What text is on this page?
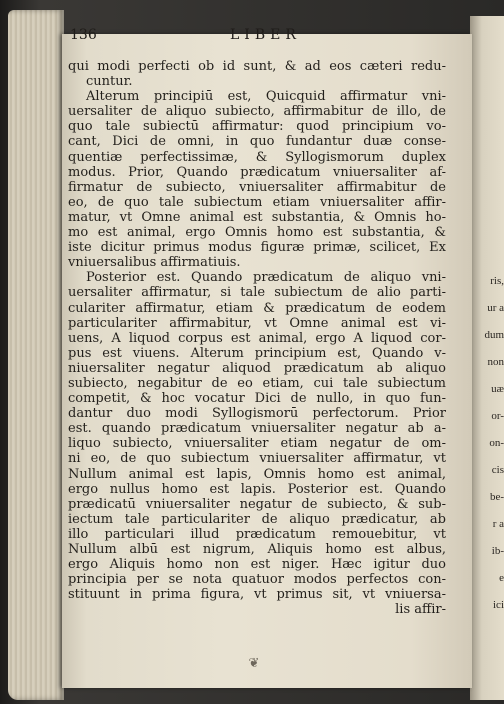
ris,
ur a
dum
non
uæ
or-
on-
cis
be-
r a
ib-
e
ici
136	LIBER
qui modi perfecti ob id sunt, & ad eos cæteri redu-
cuntur.
Alterum principiū est, Quicquid affirmatur vni-
uersaliter de aliquo subiecto, affirmabitur de illo, de
quo tale subiectū affirmatur: quod principium vo-
cant, Dici de omni, in quo fundantur duæ conse-
quentiæ perfectissimæ, & Syllogismorum duplex
modus. Prior, Quando prædicatum vniuersaliter af-
firmatur de subiecto, vniuersaliter affirmabitur de
eo, de quo tale subiectum etiam vniuersaliter affir-
matur, vt Omne animal est substantia, & Omnis ho-
mo est animal, ergo Omnis homo est substantia, &
iste dicitur primus modus figuræ primæ, scilicet, Ex
vniuersalibus affirmatiuis.
Posterior est. Quando prædicatum de aliquo vni-
uersaliter affirmatur, si tale subiectum de alio parti-
culariter affirmatur, etiam & prædicatum de eodem
particulariter affirmabitur, vt Omne animal est vi-
uens, A liquod corpus est animal, ergo A liquod cor-
pus est viuens. Alterum principium est, Quando v-
niuersaliter negatur aliquod prædicatum ab aliquo
subiecto, negabitur de eo etiam, cui tale subiectum
competit, & hoc vocatur Dici de nullo, in quo fun-
dantur duo modi Syllogismorū perfectorum. Prior
est. quando prædicatum vniuersaliter negatur ab a-
liquo subiecto, vniuersaliter etiam negatur de om-
ni eo, de quo subiectum vniuersaliter affirmatur, vt
Nullum animal est lapis, Omnis homo est animal,
ergo nullus homo est lapis. Posterior est. Quando
prædicatū vniuersaliter negatur de subiecto, & sub-
iectum tale particulariter de aliquo prædicatur, ab
illo particulari illud prædicatum remouebitur, vt
Nullum albū est nigrum, Aliquis homo est albus,
ergo Aliquis homo non est niger. Hæc igitur duo
principia per se nota quatuor modos perfectos con-
stituunt in prima figura, vt primus sit, vt vniuersa-
lis affir-
❦
